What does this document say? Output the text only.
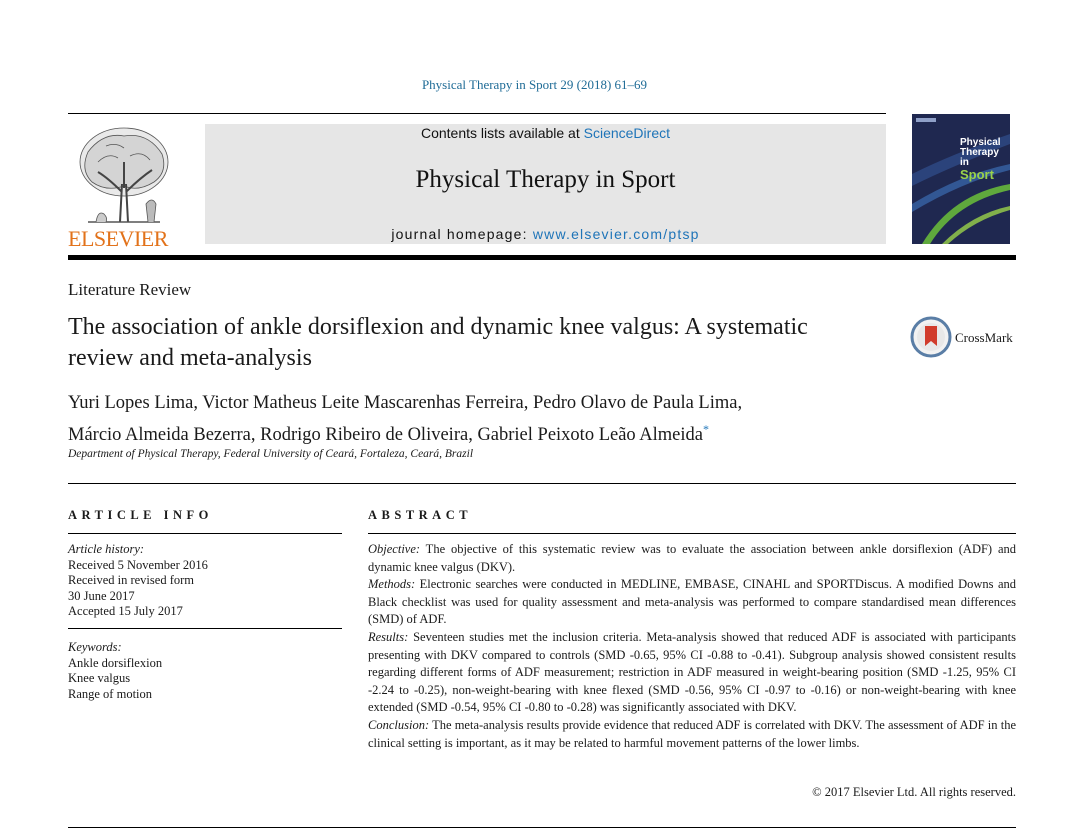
Physical Therapy in Sport 29 (2018) 61–69
ELSEVIER
Contents lists available at ScienceDirect
Physical Therapy in Sport
journal homepage: www.elsevier.com/ptsp
Physical
Therapy in
Sport
Literature Review
The association of ankle dorsiflexion and dynamic knee valgus: A systematic review and meta-analysis
CrossMark
Yuri Lopes Lima, Victor Matheus Leite Mascarenhas Ferreira, Pedro Olavo de Paula Lima,
Márcio Almeida Bezerra, Rodrigo Ribeiro de Oliveira, Gabriel Peixoto Leão Almeida*
Department of Physical Therapy, Federal University of Ceará, Fortaleza, Ceará, Brazil
ARTICLE INFO
Article history:
Received 5 November 2016
Received in revised form
30 June 2017
Accepted 15 July 2017
Keywords:
Ankle dorsiflexion
Knee valgus
Range of motion
ABSTRACT

Objective: The objective of this systematic review was to evaluate the association between ankle dorsiflexion (ADF) and dynamic knee valgus (DKV).

Methods: Electronic searches were conducted in MEDLINE, EMBASE, CINAHL and SPORTDiscus. A modified Downs and Black checklist was used for quality assessment and meta-analysis was performed to compare standardised mean differences (SMD) of ADF.

Results: Seventeen studies met the inclusion criteria. Meta-analysis showed that reduced ADF is associated with participants presenting with DKV compared to controls (SMD -0.65, 95% CI -0.88 to -0.41). Subgroup analysis showed consistent results regarding different forms of ADF measurement; restriction in ADF measured in weight-bearing position (SMD -1.25, 95% CI -2.24 to -0.25), non-weight-bearing with knee flexed (SMD -0.56, 95% CI -0.97 to -0.16) or non-weight-bearing with knee extended (SMD -0.54, 95% CI -0.80 to -0.28) was significantly associated with DKV.

Conclusion: The meta-analysis results provide evidence that reduced ADF is correlated with DKV. The assessment of ADF in the clinical setting is important, as it may be related to harmful movement patterns of the lower limbs.

© 2017 Elsevier Ltd. All rights reserved.
